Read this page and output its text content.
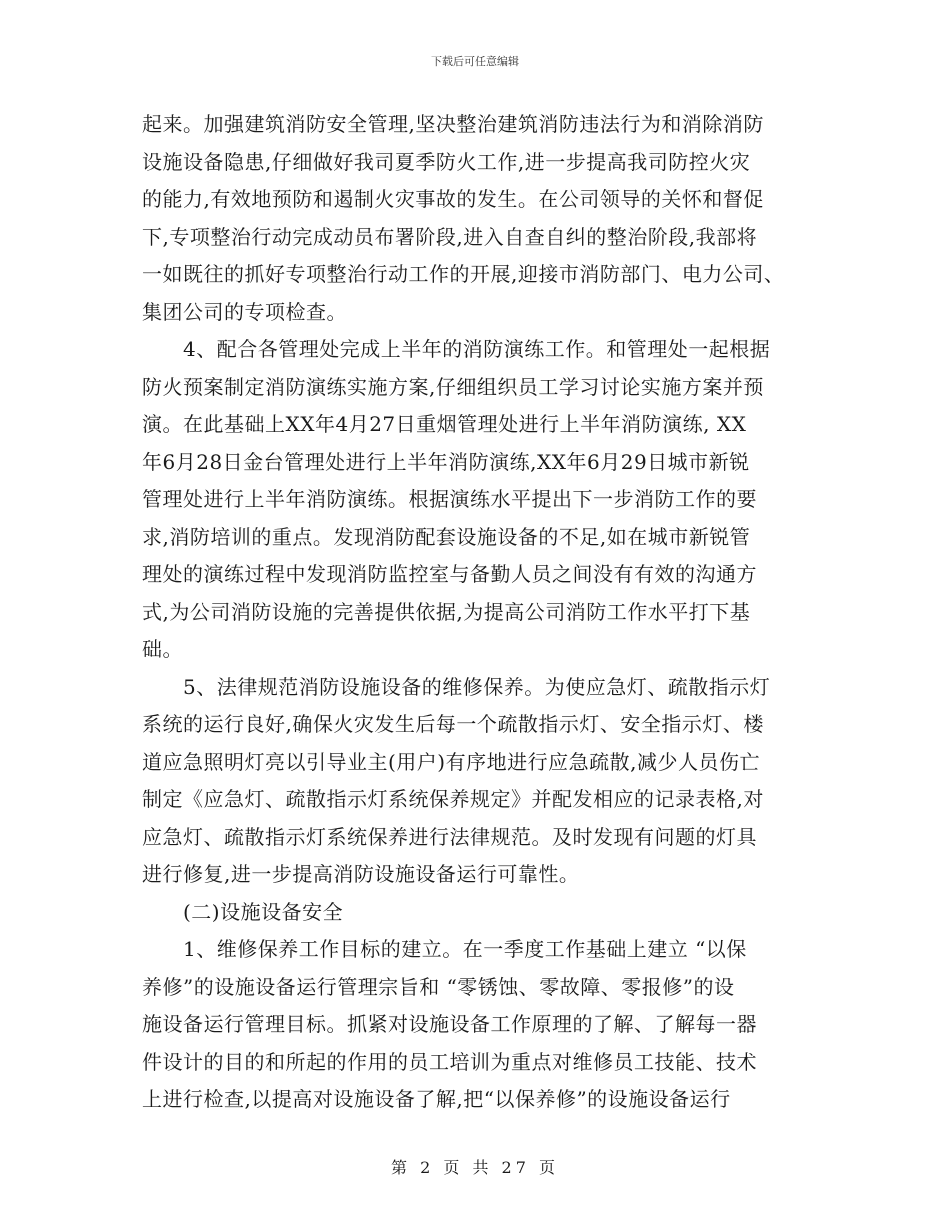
下载后可任意编辑
起来。加强建筑消防安全管理,坚决整治建筑消防违法行为和消除消防
设施设备隐患,仔细做好我司夏季防火工作,进一步提高我司防控火灾
的能力,有效地预防和遏制火灾事故的发生。在公司领导的关怀和督促
下,专项整治行动完成动员布署阶段,进入自查自纠的整治阶段,我部将
一如既往的抓好专项整治行动工作的开展,迎接市消防部门、电力公司、
集团公司的专项检查。
　　4、配合各管理处完成上半年的消防演练工作。和管理处一起根据
防火预案制定消防演练实施方案,仔细组织员工学习讨论实施方案并预
演。在此基础上XX年4月27日重烟管理处进行上半年消防演练, XX
年6月28日金台管理处进行上半年消防演练,XX年6月29日城市新锐
管理处进行上半年消防演练。根据演练水平提出下一步消防工作的要
求,消防培训的重点。发现消防配套设施设备的不足,如在城市新锐管
理处的演练过程中发现消防监控室与备勤人员之间没有有效的沟通方
式,为公司消防设施的完善提供依据,为提高公司消防工作水平打下基
础。
　　5、法律规范消防设施设备的维修保养。为使应急灯、疏散指示灯
系统的运行良好,确保火灾发生后每一个疏散指示灯、安全指示灯、楼
道应急照明灯亮以引导业主(用户)有序地进行应急疏散,减少人员伤亡
制定《应急灯、疏散指示灯系统保养规定》并配发相应的记录表格,对
应急灯、疏散指示灯系统保养进行法律规范。及时发现有问题的灯具
进行修复,进一步提高消防设施设备运行可靠性。
　　(二)设施设备安全
　　1、维修保养工作目标的建立。在一季度工作基础上建立 “以保
养修”的设施设备运行管理宗旨和 “零锈蚀、零故障、零报修”的设
施设备运行管理目标。抓紧对设施设备工作原理的了解、了解每一器
件设计的目的和所起的作用的员工培训为重点对维修员工技能、技术
上进行检查,以提高对设施设备了解,把“以保养修”的设施设备运行
第 2 页 共 27 页
